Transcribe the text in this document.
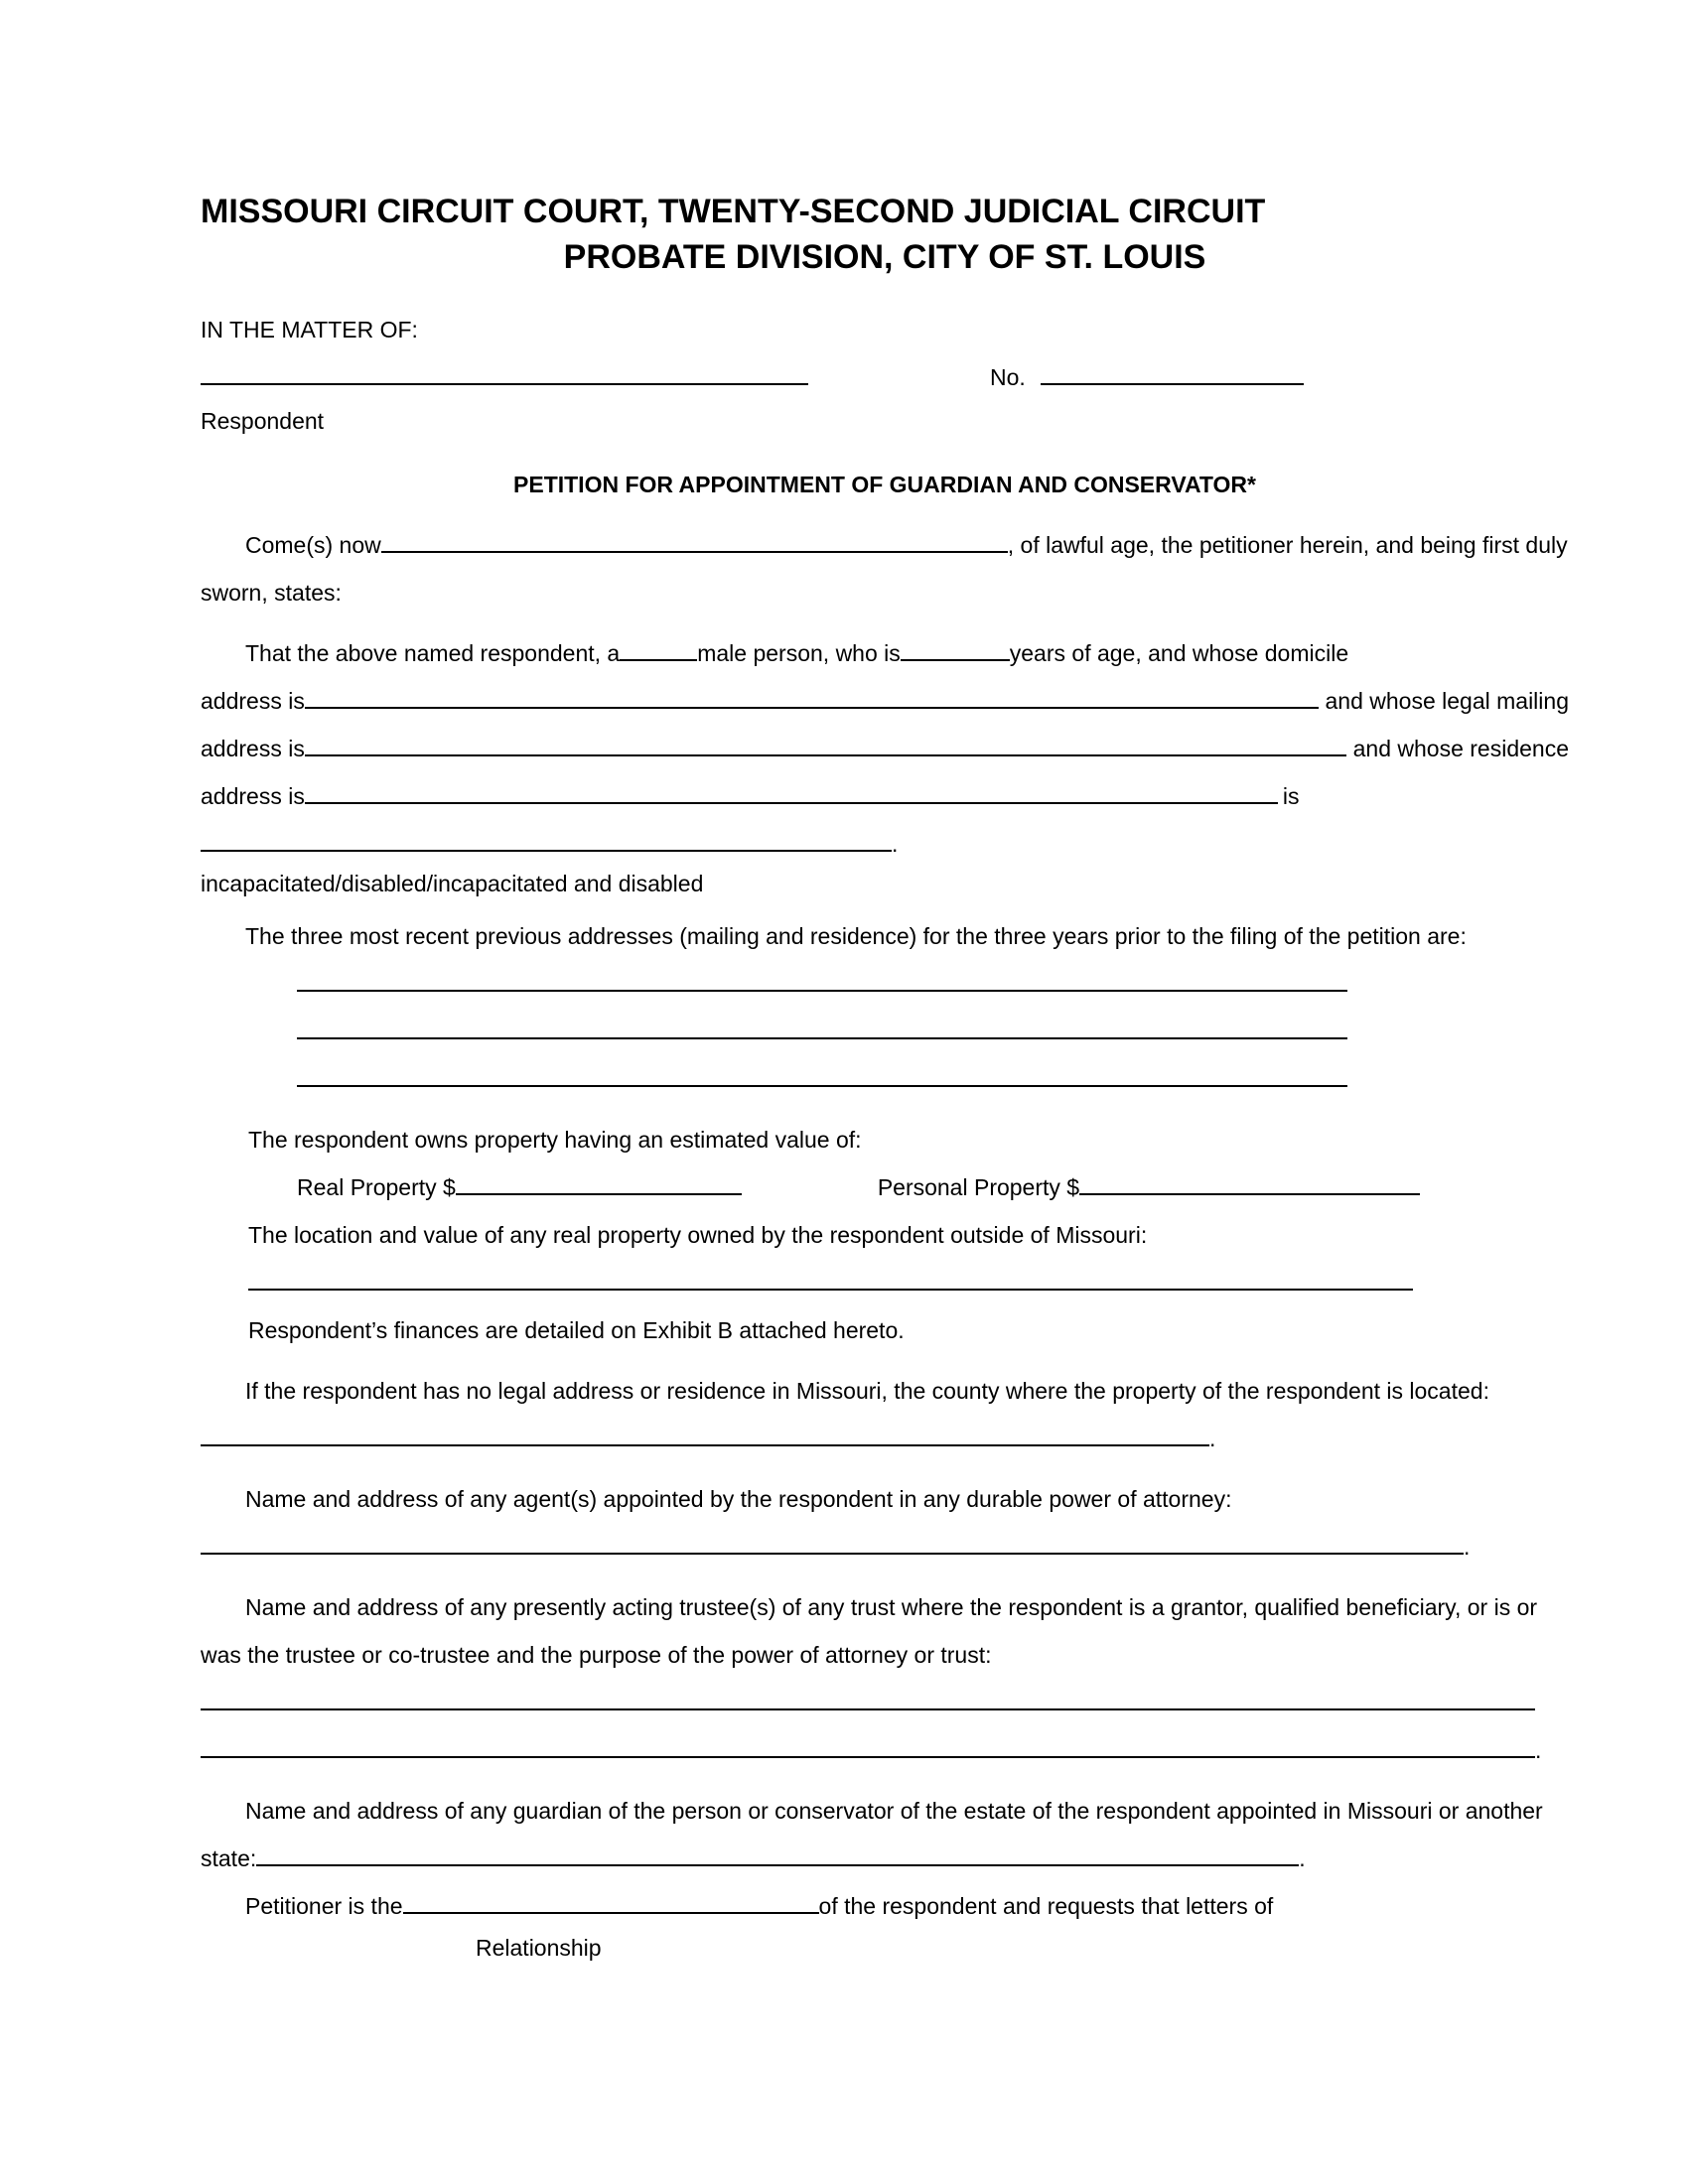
MISSOURI CIRCUIT COURT, TWENTY-SECOND JUDICIAL CIRCUIT
PROBATE DIVISION, CITY OF ST. LOUIS
IN THE MATTER OF:
No.
Respondent
PETITION FOR APPOINTMENT OF GUARDIAN AND CONSERVATOR*

Come(s) now	, of lawful age, the petitioner herein, and being first duly sworn, states:

That the above named respondent, a	male person, who is	years of age, and whose domicile
address is	and whose legal mailing
address is	and whose residence
address is	is
.
incapacitated/disabled/incapacitated and disabled

The three most recent previous addresses (mailing and residence) for the three years prior to the filing of the petition are:

The respondent owns property having an estimated value of:

Real Property $	Personal Property $

The location and value of any real property owned by the respondent outside of Missouri:

Respondent’s finances are detailed on Exhibit B attached hereto.

If the respondent has no legal address or residence in Missouri, the county where the property of the respondent is located:.

Name and address of any agent(s) appointed by the respondent in any durable power of attorney:.

Name and address of any presently acting trustee(s) of any trust where the respondent is a grantor, qualified beneficiary, or is or was the trustee or co-trustee and the purpose of the power of attorney or trust:.

Name and address of any guardian of the person or conservator of the estate of the respondent appointed in Missouri or another state:	.

Petitioner is the	of the respondent and requests that letters of

Relationship
